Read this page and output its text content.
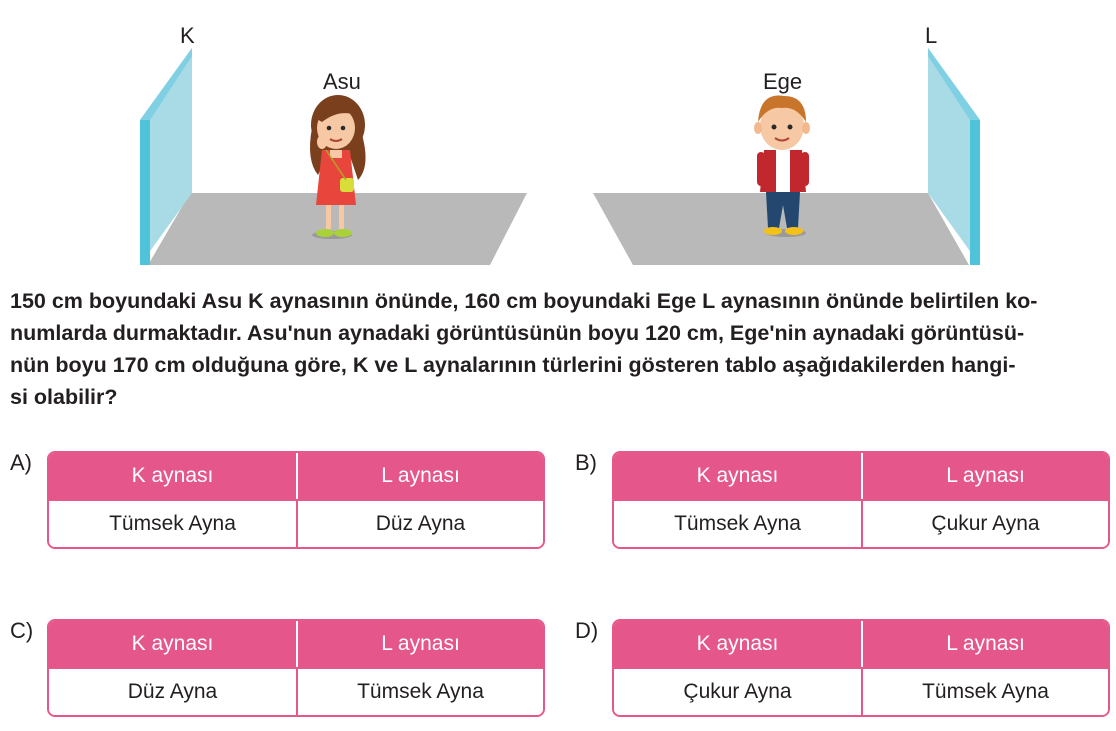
K	L
Asu	Ege
150 cm boyundaki Asu K aynasının önünde, 160 cm boyundaki Ege L aynasının önünde belirtilen ko-
numlarda durmaktadır. Asu'nun aynadaki görüntüsünün boyu 120 cm, Ege'nin aynadaki görüntüsü-
nün boyu 170 cm olduğuna göre, K ve L aynalarının türlerini gösteren tablo aşağıdakilerden hangi-
si olabilir?
A)
K aynası	L aynası
Tümsek Ayna	Düz Ayna
B)
K aynası	L aynası
Tümsek Ayna	Çukur Ayna
C)
K aynası	L aynası
Düz Ayna	Tümsek Ayna
D)
K aynası	L aynası
Çukur Ayna	Tümsek Ayna
